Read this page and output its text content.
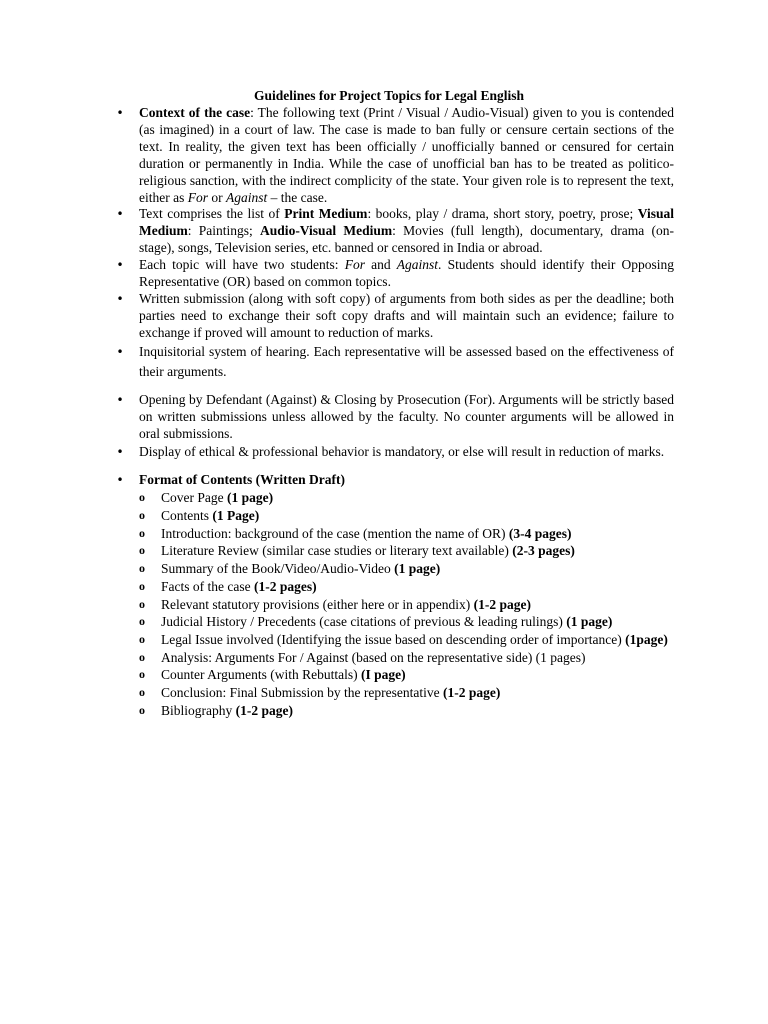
Guidelines for Project Topics for Legal English
• Context of the case: The following text (Print / Visual / Audio-Visual) given to you is contended (as imagined) in a court of law. The case is made to ban fully or censure certain sections of the text. In reality, the given text has been officially / unofficially banned or censured for certain duration or permanently in India. While the case of unofficial ban has to be treated as politico-religious sanction, with the indirect complicity of the state. Your given role is to represent the text, either as For or Against – the case.
• Text comprises the list of Print Medium: books, play / drama, short story, poetry, prose; Visual Medium: Paintings; Audio-Visual Medium: Movies (full length), documentary, drama (on-stage), songs, Television series, etc. banned or censored in India or abroad.
• Each topic will have two students: For and Against. Students should identify their Opposing Representative (OR) based on common topics.
• Written submission (along with soft copy) of arguments from both sides as per the deadline; both parties need to exchange their soft copy drafts and will maintain such an evidence; failure to exchange if proved will amount to reduction of marks.
• Inquisitorial system of hearing. Each representative will be assessed based on the effectiveness of their arguments.
• Opening by Defendant (Against) & Closing by Prosecution (For). Arguments will be strictly based on written submissions unless allowed by the faculty. No counter arguments will be allowed in oral submissions.
• Display of ethical & professional behavior is mandatory, or else will result in reduction of marks.
• Format of Contents (Written Draft)
o Cover Page (1 page)
o Contents (1 Page)
o Introduction: background of the case (mention the name of OR) (3-4 pages)
o Literature Review (similar case studies or literary text available) (2-3 pages)
o Summary of the Book/Video/Audio-Video (1 page)
o Facts of the case (1-2 pages)
o Relevant statutory provisions (either here or in appendix) (1-2 page)
o Judicial History / Precedents (case citations of previous & leading rulings) (1 page)
o Legal Issue involved (Identifying the issue based on descending order of importance) (1page)
o Analysis: Arguments For / Against (based on the representative side) (1 pages)
o Counter Arguments (with Rebuttals) (I page)
o Conclusion: Final Submission by the representative (1-2 page)
o Bibliography (1-2 page)
